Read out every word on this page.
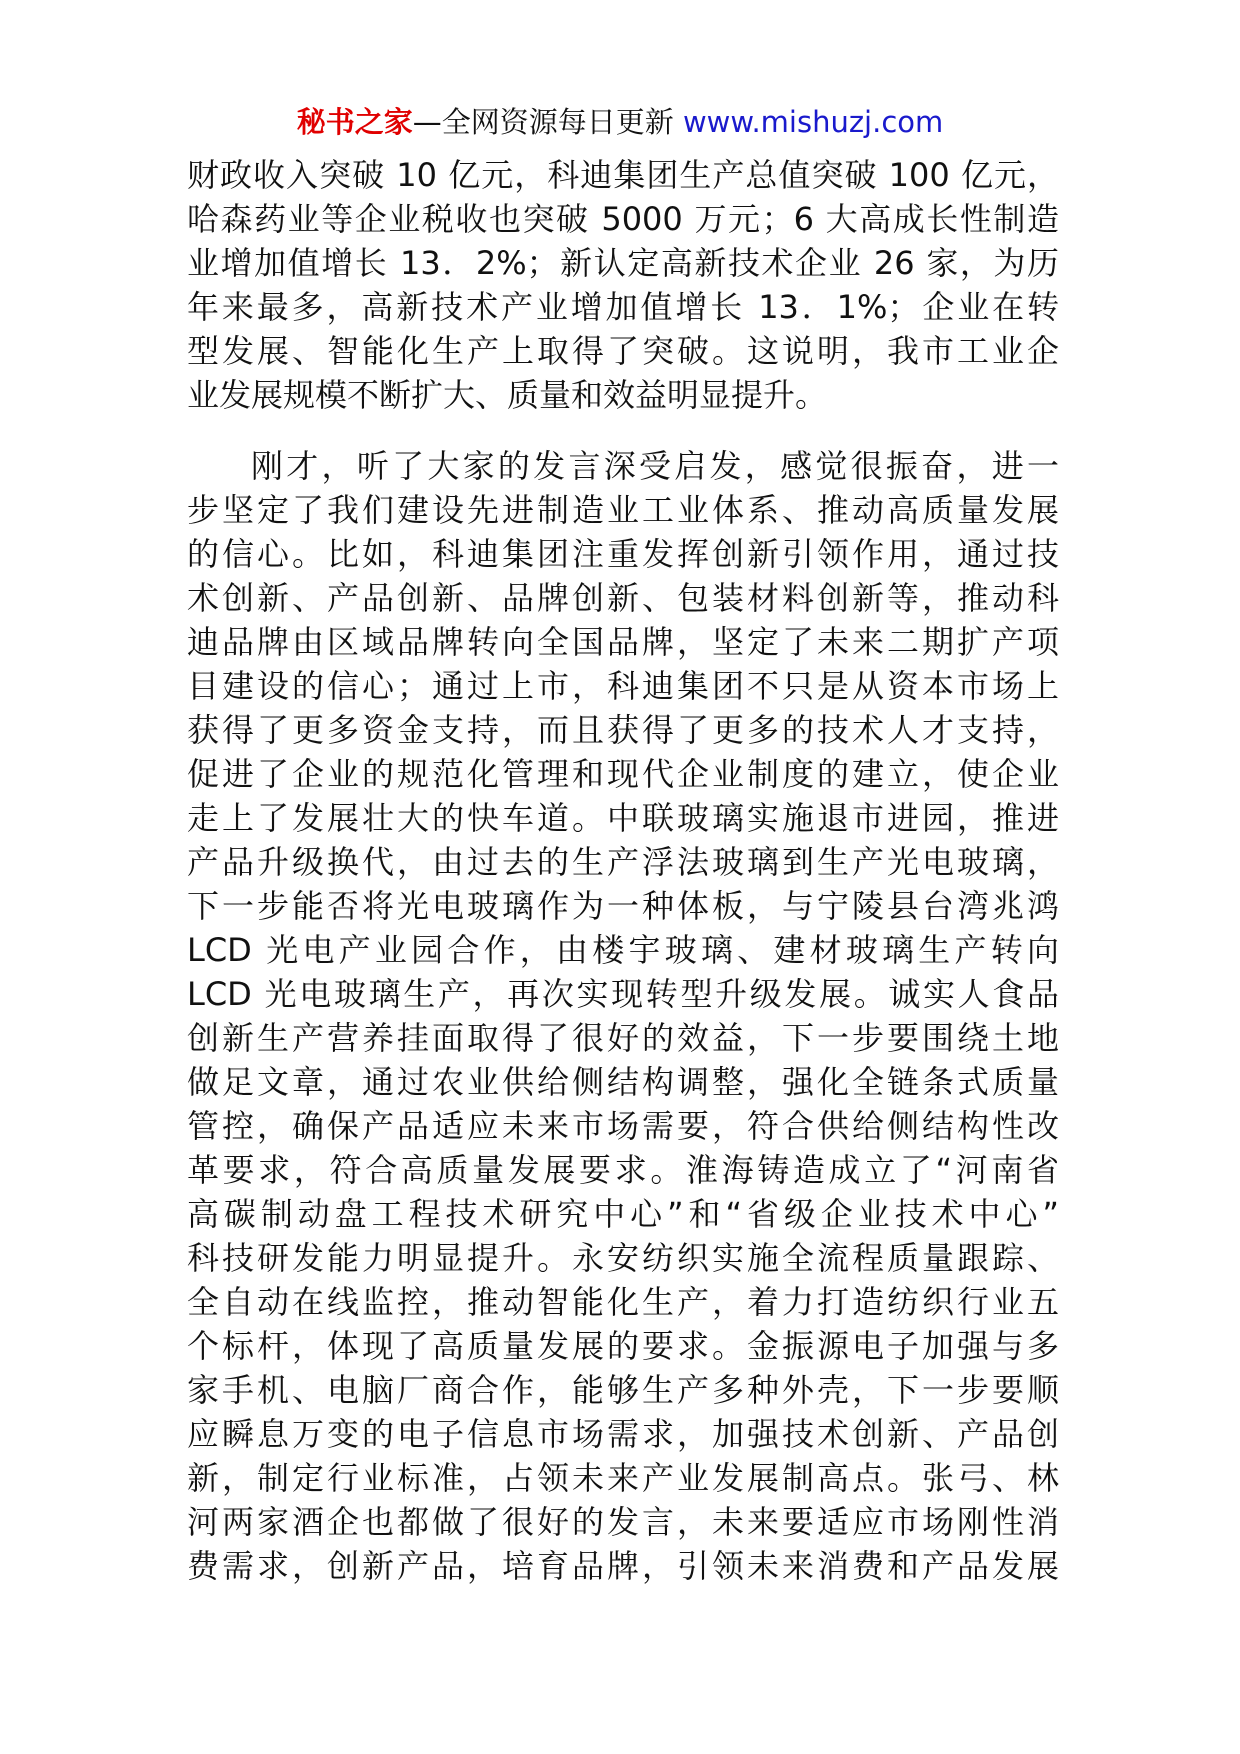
秘书之家—全网资源每日更新 www.mishuzj.com
财政收入突破 10 亿元，科迪集团生产总值突破 100 亿元，
哈森药业等企业税收也突破 5000 万元；6 大高成长性制造
业增加值增长 13．2%；新认定高新技术企业 26 家，为历
年来最多，高新技术产业增加值增长 13．1%；企业在转
型发展、智能化生产上取得了突破。这说明，我市工业企
业发展规模不断扩大、质量和效益明显提升。
刚才，听了大家的发言深受启发，感觉很振奋，进一
步坚定了我们建设先进制造业工业体系、推动高质量发展
的信心。比如，科迪集团注重发挥创新引领作用，通过技
术创新、产品创新、品牌创新、包装材料创新等，推动科
迪品牌由区域品牌转向全国品牌，坚定了未来二期扩产项
目建设的信心；通过上市，科迪集团不只是从资本市场上
获得了更多资金支持，而且获得了更多的技术人才支持，
促进了企业的规范化管理和现代企业制度的建立，使企业
走上了发展壮大的快车道。中联玻璃实施退市进园，推进
产品升级换代，由过去的生产浮法玻璃到生产光电玻璃，
下一步能否将光电玻璃作为一种体板，与宁陵县台湾兆鸿
LCD 光电产业园合作，由楼宇玻璃、建材玻璃生产转向
LCD 光电玻璃生产，再次实现转型升级发展。诚实人食品
创新生产营养挂面取得了很好的效益，下一步要围绕土地
做足文章，通过农业供给侧结构调整，强化全链条式质量
管控，确保产品适应未来市场需要，符合供给侧结构性改
革要求，符合高质量发展要求。淮海铸造成立了“河南省
高碳制动盘工程技术研究中心”和“省级企业技术中心”
科技研发能力明显提升。永安纺织实施全流程质量跟踪、
全自动在线监控，推动智能化生产，着力打造纺织行业五
个标杆，体现了高质量发展的要求。金振源电子加强与多
家手机、电脑厂商合作，能够生产多种外壳，下一步要顺
应瞬息万变的电子信息市场需求，加强技术创新、产品创
新，制定行业标准，占领未来产业发展制高点。张弓、林
河两家酒企也都做了很好的发言，未来要适应市场刚性消
费需求，创新产品，培育品牌，引领未来消费和产品发展
